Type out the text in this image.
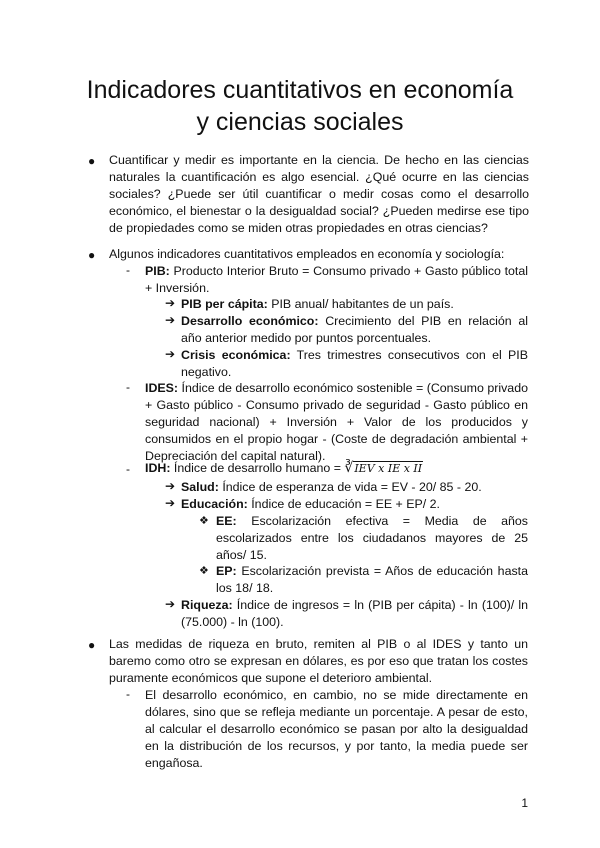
Indicadores cuantitativos en economía
y ciencias sociales
● Cuantificar y medir es importante en la ciencia. De hecho en las ciencias naturales la cuantificación es algo esencial. ¿Qué ocurre en las ciencias sociales? ¿Puede ser útil cuantificar o medir cosas como el desarrollo económico, el bienestar o la desigualdad social? ¿Pueden medirse ese tipo de propiedades como se miden otras propiedades en otras ciencias?

● Algunos indicadores cuantitativos empleados en economía y sociología:

- PIB: Producto Interior Bruto = Consumo privado + Gasto público total + Inversión.

➔ PIB per cápita: PIB anual/ habitantes de un país.

➔ Desarrollo económico: Crecimiento del PIB en relación al año anterior medido por puntos porcentuales.

➔ Crisis económica: Tres trimestres consecutivos con el PIB negativo.

- IDES: Índice de desarrollo económico sostenible = (Consumo privado + Gasto público - Consumo privado de seguridad - Gasto público en seguridad nacional) + Inversión + Valor de los producidos y consumidos en el propio hogar - (Coste de degradación ambiental + Depreciación del capital natural).

- IDH: Índice de desarrollo humano = ∛IEV x IE x II

➔ Salud: Índice de esperanza de vida = EV - 20/ 85 - 20.

➔ Educación: Índice de educación = EE + EP/ 2.

❖ EE: Escolarización efectiva = Media de años escolarizados entre los ciudadanos mayores de 25 años/ 15.

❖ EP: Escolarización prevista = Años de educación hasta los 18/ 18.

➔ Riqueza: Índice de ingresos = ln (PIB per cápita) - ln (100)/ ln (75.000) - ln (100).

● Las medidas de riqueza en bruto, remiten al PIB o al IDES y tanto un baremo como otro se expresan en dólares, es por eso que tratan los costes puramente económicos que supone el deterioro ambiental.

- El desarrollo económico, en cambio, no se mide directamente en dólares, sino que se refleja mediante un porcentaje. A pesar de esto, al calcular el desarrollo económico se pasan por alto la desigualdad en la distribución de los recursos, y por tanto, la media puede ser engañosa.

1
